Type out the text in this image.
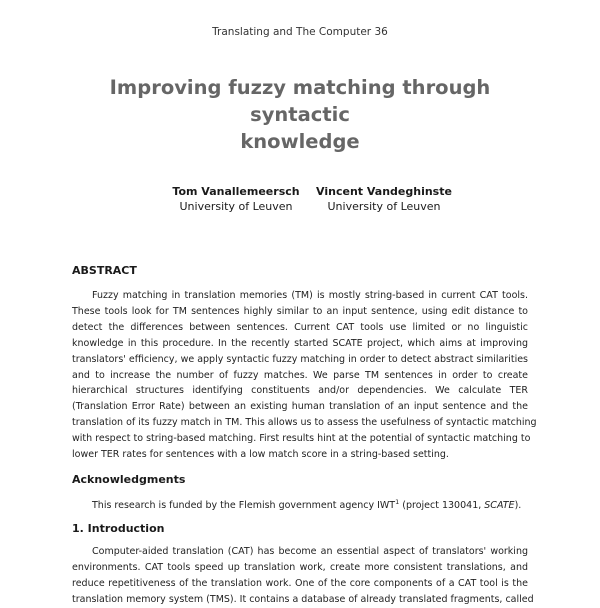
Translating and The Computer 36
Improving fuzzy matching through syntactic
knowledge
Tom Vanallemeersch
University of Leuven
Vincent Vandeghinste
University of Leuven
ABSTRACT
Fuzzy matching in translation memories (TM) is mostly string-based in current CAT tools.
These tools look for TM sentences highly similar to an input sentence, using edit distance to
detect the differences between sentences. Current CAT tools use limited or no linguistic
knowledge in this procedure. In the recently started SCATE project, which aims at improving
translators' efficiency, we apply syntactic fuzzy matching in order to detect abstract similarities
and to increase the number of fuzzy matches. We parse TM sentences in order to create
hierarchical structures identifying constituents and/or dependencies. We calculate TER
(Translation Error Rate) between an existing human translation of an input sentence and the
translation of its fuzzy match in TM. This allows us to assess the usefulness of syntactic matching
with respect to string-based matching. First results hint at the potential of syntactic matching to
lower TER rates for sentences with a low match score in a string-based setting.
Acknowledgments

This research is funded by the Flemish government agency IWT$^1$ (project 130041, SCATE).

1. Introduction
Computer-aided translation (CAT) has become an essential aspect of translators' working
environments. CAT tools speed up translation work, create more consistent translations, and
reduce repetitiveness of the translation work. One of the core components of a CAT tool is the
translation memory system (TMS). It contains a database of already translated fragments, called
